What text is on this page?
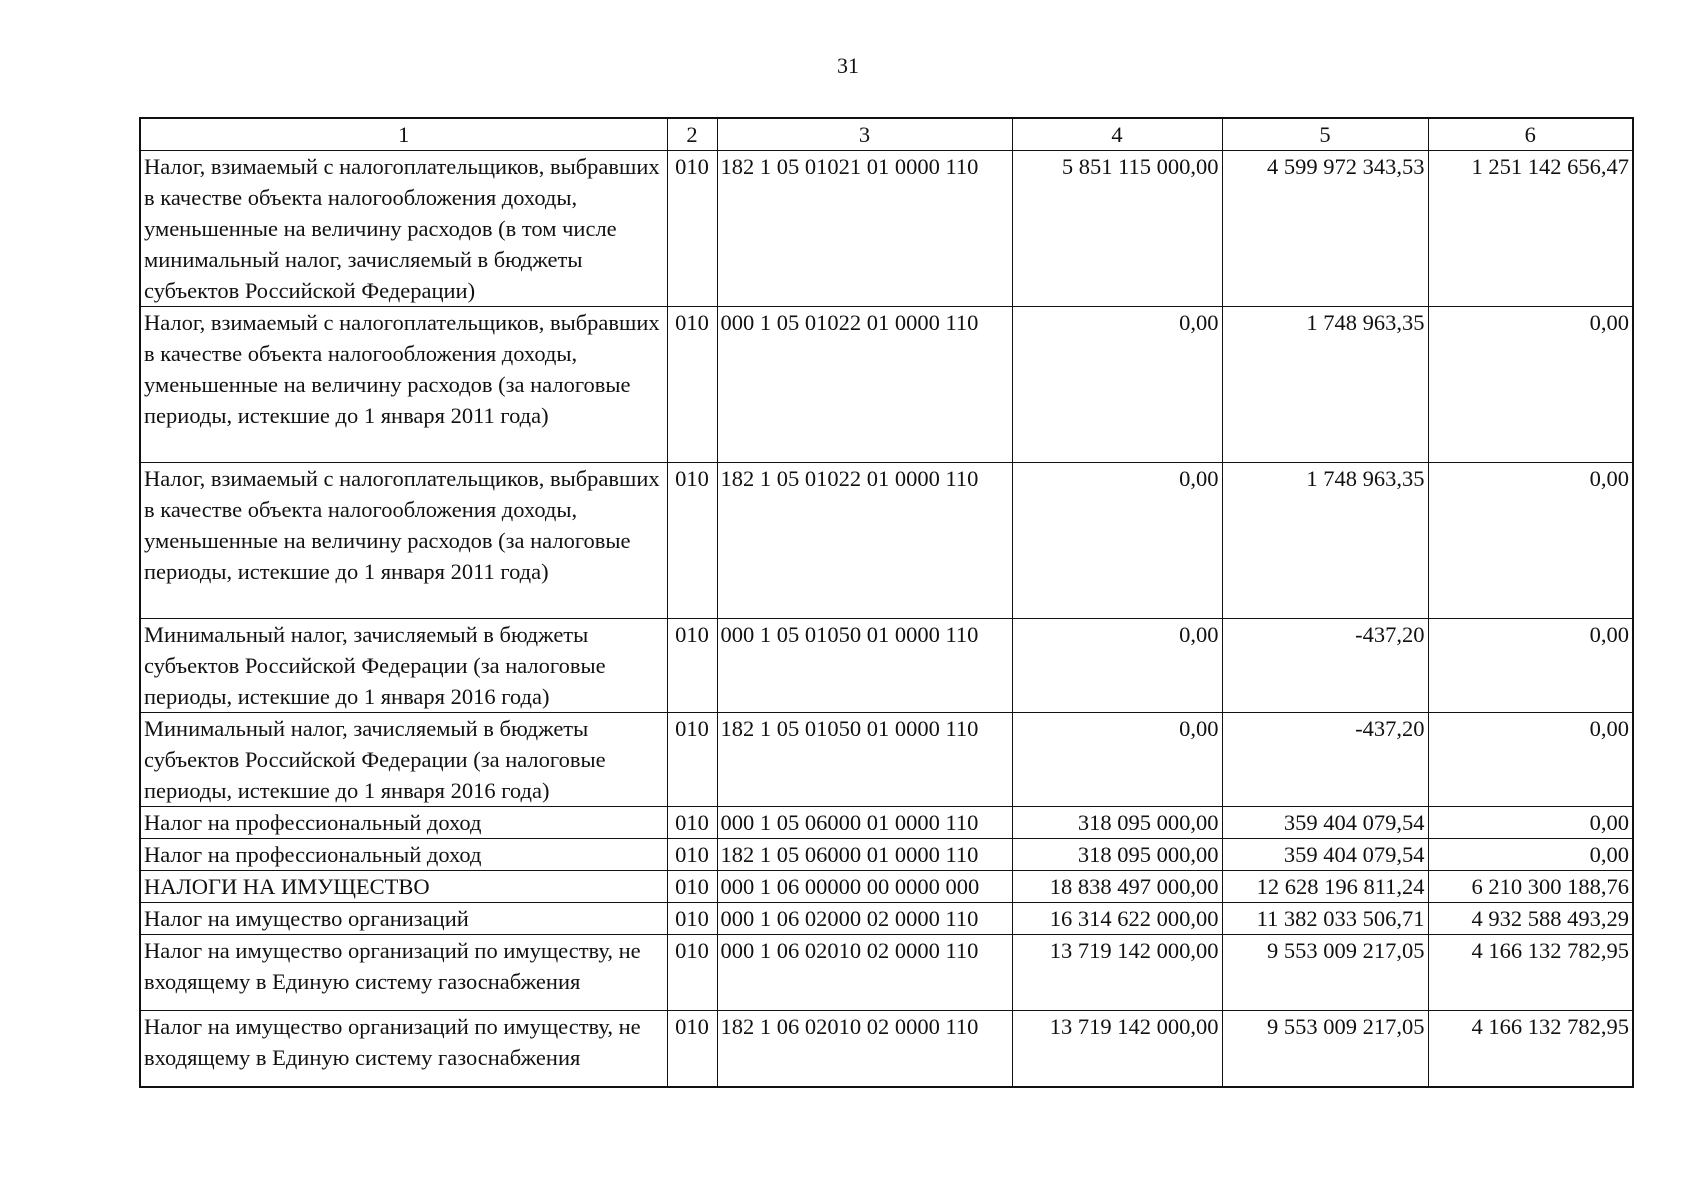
31
1	2	3	4	5	6
Налог, взимаемый с налогоплательщиков, выбравших в качестве объекта налогообложения доходы, уменьшенные на величину расходов (в том числе минимальный налог, зачисляемый в бюджеты субъектов Российской Федерации)	010	182 1 05 01021 01 0000 110	5 851 115 000,00	4 599 972 343,53	1 251 142 656,47
Налог, взимаемый с налогоплательщиков, выбравших в качестве объекта налогообложения доходы, уменьшенные на величину расходов (за налоговые периоды, истекшие до 1 января 2011 года)	010	000 1 05 01022 01 0000 110	0,00	1 748 963,35	0,00
Налог, взимаемый с налогоплательщиков, выбравших в качестве объекта налогообложения доходы, уменьшенные на величину расходов (за налоговые периоды, истекшие до 1 января 2011 года)	010	182 1 05 01022 01 0000 110	0,00	1 748 963,35	0,00
Минимальный налог, зачисляемый в бюджеты субъектов Российской Федерации (за налоговые периоды, истекшие до 1 января 2016 года)	010	000 1 05 01050 01 0000 110	0,00	-437,20	0,00
Минимальный налог, зачисляемый в бюджеты субъектов Российской Федерации (за налоговые периоды, истекшие до 1 января 2016 года)	010	182 1 05 01050 01 0000 110	0,00	-437,20	0,00
Налог на профессиональный доход	010	000 1 05 06000 01 0000 110	318 095 000,00	359 404 079,54	0,00
Налог на профессиональный доход	010	182 1 05 06000 01 0000 110	318 095 000,00	359 404 079,54	0,00
НАЛОГИ НА ИМУЩЕСТВО	010	000 1 06 00000 00 0000 000	18 838 497 000,00	12 628 196 811,24	6 210 300 188,76
Налог на имущество организаций	010	000 1 06 02000 02 0000 110	16 314 622 000,00	11 382 033 506,71	4 932 588 493,29
Налог на имущество организаций по имуществу, не входящему в Единую систему газоснабжения	010	000 1 06 02010 02 0000 110	13 719 142 000,00	9 553 009 217,05	4 166 132 782,95
Налог на имущество организаций по имуществу, не входящему в Единую систему газоснабжения	010	182 1 06 02010 02 0000 110	13 719 142 000,00	9 553 009 217,05	4 166 132 782,95
